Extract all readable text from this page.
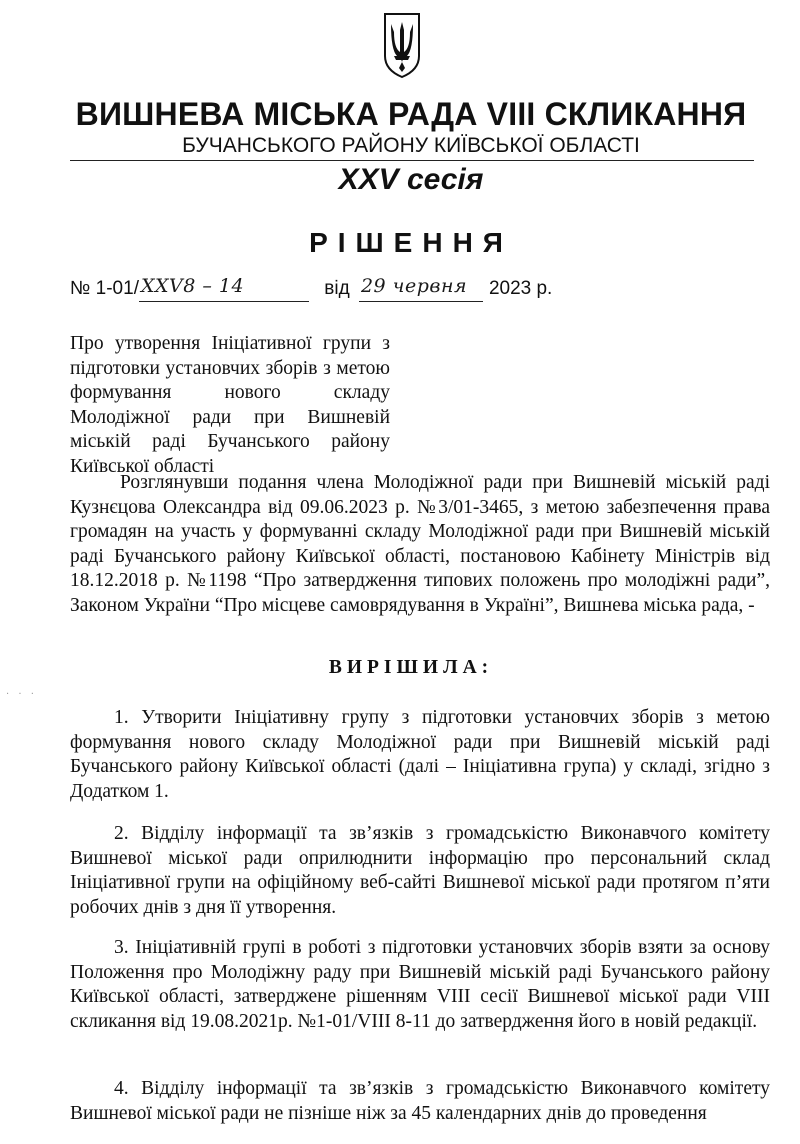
ВИШНЕВА МІСЬКА РАДА VIII СКЛИКАННЯ
БУЧАНСЬКОГО РАЙОНУ КИЇВСЬКОЇ ОБЛАСТІ
XXV сесія
РІШЕННЯ
№ 1-01/ XXV8 – 14	від 29 червня 2023 р.
Про утворення Ініціативної групи з підготовки установчих зборів з метою формування нового складу Молодіжної ради при Вишневій міській раді Бучанського району Київської області
Розглянувши подання члена Молодіжної ради при Вишневій міській раді Кузнєцова Олександра від 09.06.2023 р. №3/01-3465, з метою забезпечення права громадян на участь у формуванні складу Молодіжної ради при Вишневій міській раді Бучанського району Київської області, постановою Кабінету Міністрів від 18.12.2018 р. №1198 “Про затвердження типових положень про молодіжні ради”, Законом України “Про місцеве самоврядування в Україні”, Вишнева міська рада, -
ВИРІШИЛА:
· · ·
1. Утворити Ініціативну групу з підготовки установчих зборів з метою формування нового складу Молодіжної ради при Вишневій міській раді Бучанського району Київської області (далі – Ініціативна група) у складі, згідно з Додатком 1.
2. Відділу інформації та зв’язків з громадськістю Виконавчого комітету Вишневої міської ради оприлюднити інформацію про персональний склад Ініціативної групи на офіційному веб-сайті Вишневої міської ради протягом п’яти робочих днів з дня її утворення.
3. Ініціативній групі в роботі з підготовки установчих зборів взяти за основу Положення про Молодіжну раду при Вишневій міській раді Бучанського району Київської області, затверджене рішенням VIII сесії Вишневої міської ради VIII скликання від 19.08.2021р. №1-01/VIII 8-11 до затвердження його в новій редакції.
4. Відділу інформації та зв’язків з громадськістю Виконавчого комітету Вишневої міської ради не пізніше ніж за 45 календарних днів до проведення
